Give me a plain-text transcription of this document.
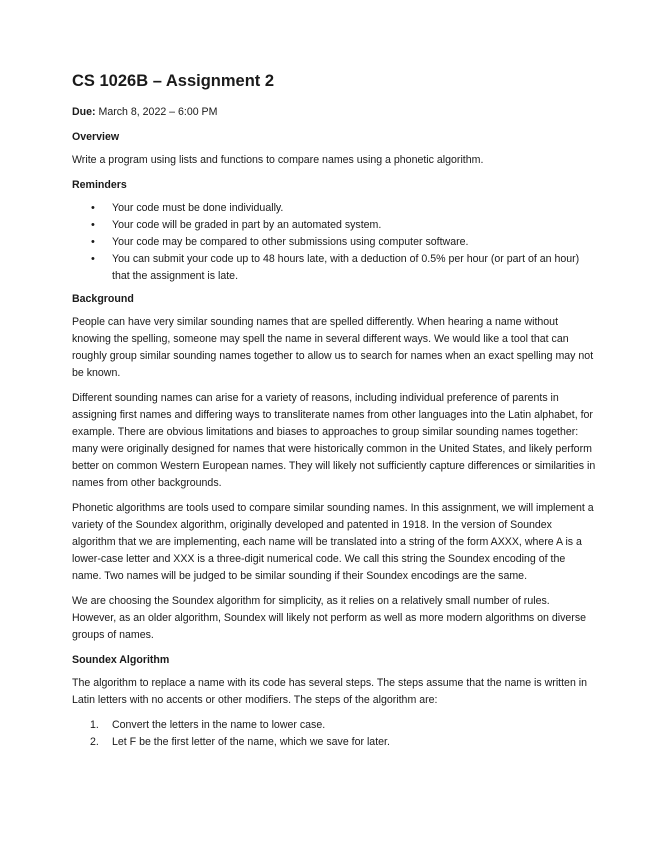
CS 1026B – Assignment 2

Due: March 8, 2022 – 6:00 PM

Overview

Write a program using lists and functions to compare names using a phonetic algorithm.

Reminders
• Your code must be done individually.
• Your code will be graded in part by an automated system.
• Your code may be compared to other submissions using computer software.
• You can submit your code up to 48 hours late, with a deduction of 0.5% per hour (or part of an hour) that the assignment is late.
Background

People can have very similar sounding names that are spelled differently. When hearing a name without knowing the spelling, someone may spell the name in several different ways. We would like a tool that can roughly group similar sounding names together to allow us to search for names when an exact spelling may not be known.

Different sounding names can arise for a variety of reasons, including individual preference of parents in assigning first names and differing ways to transliterate names from other languages into the Latin alphabet, for example. There are obvious limitations and biases to approaches to group similar sounding names together: many were originally designed for names that were historically common in the United States, and likely perform better on common Western European names. They will likely not sufficiently capture differences or similarities in names from other backgrounds.

Phonetic algorithms are tools used to compare similar sounding names. In this assignment, we will implement a variety of the Soundex algorithm, originally developed and patented in 1918. In the version of Soundex algorithm that we are implementing, each name will be translated into a string of the form AXXX, where A is a lower-case letter and XXX is a three-digit numerical code. We call this string the Soundex encoding of the name. Two names will be judged to be similar sounding if their Soundex encodings are the same.

We are choosing the Soundex algorithm for simplicity, as it relies on a relatively small number of rules. However, as an older algorithm, Soundex will likely not perform as well as more modern algorithms on diverse groups of names.

Soundex Algorithm

The algorithm to replace a name with its code has several steps. The steps assume that the name is written in Latin letters with no accents or other modifiers. The steps of the algorithm are:

1. Convert the letters in the name to lower case.
2. Let F be the first letter of the name, which we save for later.
